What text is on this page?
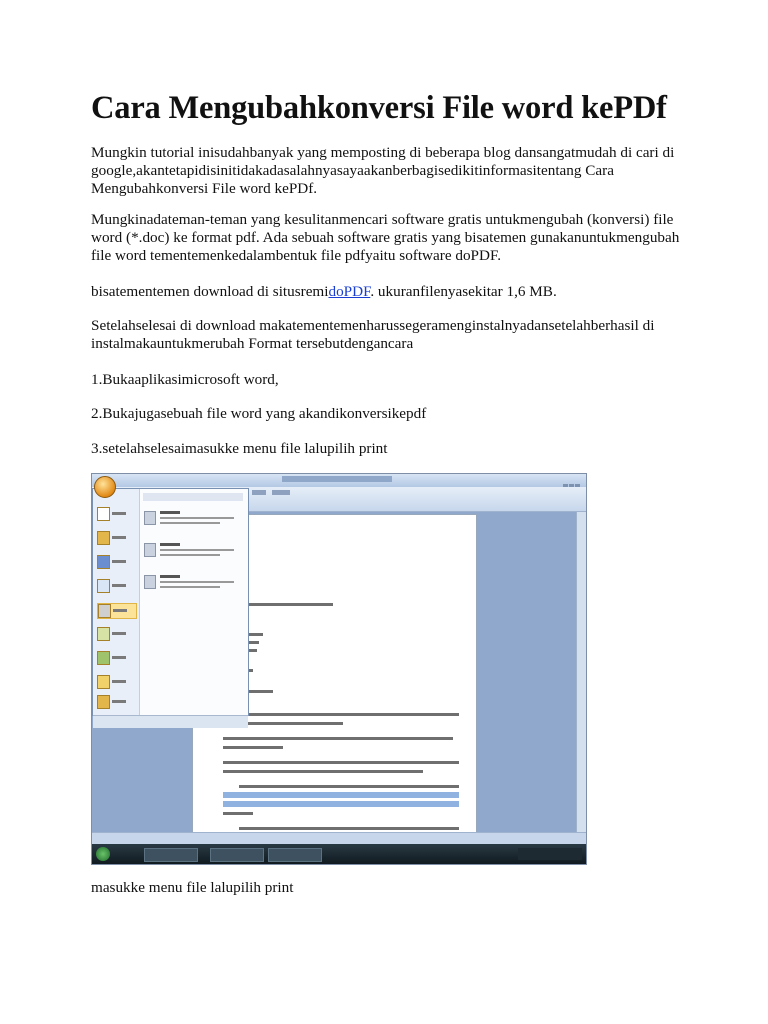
Cara Mengubahkonversi File word kePDf

Mungkin tutorial inisudahbanyak yang memposting di beberapa blog dansangatmudah di cari di google,akantetapidisinitidakadasalahnyasayaakanberbagisedikitinformasitentang Cara Mengubahkonversi File word kePDf.

Mungkinadateman-teman yang kesulitanmencari software gratis untukmengubah (konversi) file word (*.doc) ke format pdf. Ada sebuah software gratis yang bisatemen gunakanuntukmengubah file word tementemenkedalambentuk file pdfyaitu software doPDF.

bisatementemen download di situsremidoPDF. ukuranfilenyasekitar 1,6 MB.

Setelahselesai di download makatementemenharussegeramenginstalnyadansetelahberhasil di instalmakauntukmerubah Format tersebutdengancara

1.Bukaaplikasimicrosoft word,

2.Bukajugasebuah file word yang akandikonversikepdf

3.setelahselesaimasukke menu file lalupilih print

masukke menu file lalupilih print
